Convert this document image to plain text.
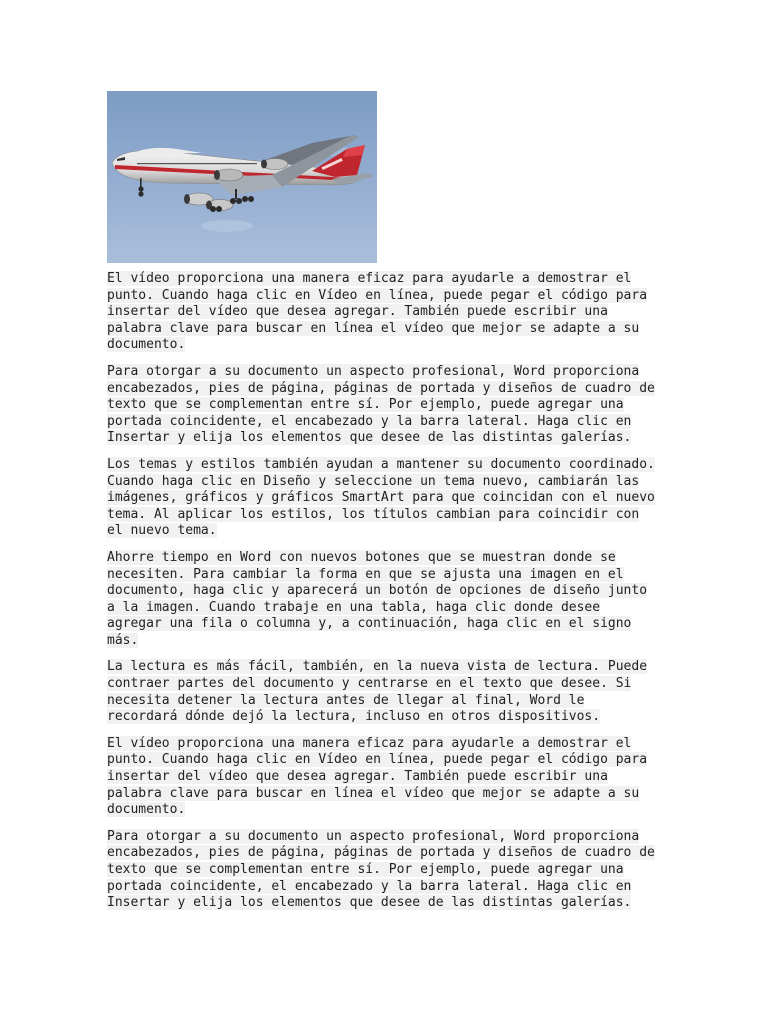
El vídeo proporciona una manera eficaz para ayudarle a demostrar el
punto. Cuando haga clic en Vídeo en línea, puede pegar el código para
insertar del vídeo que desea agregar. También puede escribir una
palabra clave para buscar en línea el vídeo que mejor se adapte a su
documento.

Para otorgar a su documento un aspecto profesional, Word proporciona
encabezados, pies de página, páginas de portada y diseños de cuadro de
texto que se complementan entre sí. Por ejemplo, puede agregar una
portada coincidente, el encabezado y la barra lateral. Haga clic en
Insertar y elija los elementos que desee de las distintas galerías.

Los temas y estilos también ayudan a mantener su documento coordinado.
Cuando haga clic en Diseño y seleccione un tema nuevo, cambiarán las
imágenes, gráficos y gráficos SmartArt para que coincidan con el nuevo
tema. Al aplicar los estilos, los títulos cambian para coincidir con
el nuevo tema.

Ahorre tiempo en Word con nuevos botones que se muestran donde se
necesiten. Para cambiar la forma en que se ajusta una imagen en el
documento, haga clic y aparecerá un botón de opciones de diseño junto
a la imagen. Cuando trabaje en una tabla, haga clic donde desee
agregar una fila o columna y, a continuación, haga clic en el signo
más.

La lectura es más fácil, también, en la nueva vista de lectura. Puede
contraer partes del documento y centrarse en el texto que desee. Si
necesita detener la lectura antes de llegar al final, Word le
recordará dónde dejó la lectura, incluso en otros dispositivos.

El vídeo proporciona una manera eficaz para ayudarle a demostrar el
punto. Cuando haga clic en Vídeo en línea, puede pegar el código para
insertar del vídeo que desea agregar. También puede escribir una
palabra clave para buscar en línea el vídeo que mejor se adapte a su
documento.

Para otorgar a su documento un aspecto profesional, Word proporciona
encabezados, pies de página, páginas de portada y diseños de cuadro de
texto que se complementan entre sí. Por ejemplo, puede agregar una
portada coincidente, el encabezado y la barra lateral. Haga clic en
Insertar y elija los elementos que desee de las distintas galerías.
